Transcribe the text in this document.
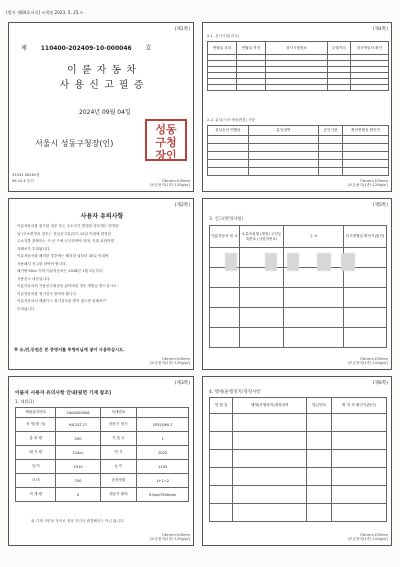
[별지 제64호서식] <개정 2023. 5. 25.>
(제1쪽)
제 110400-202409-10-000046 호
이 륜 자 동 차
사 용 신 고 필 증
2024년 09월 04일
서울시 성동구청장(인)
성동구청장인
33331-06261장
96.10.4 승인	74mm×105mm
(보존용지(1종) 120g/㎡)
(제4쪽)
2-1. 검사사항(검사)
연월일 부터	연월일 까지	검사시행장소	주행거리	검사책임자 확인

2-2. 튜닝(구조·장치변경) 사항
튜닝승인 연월일	튜닝내역	승인기관	확인연월일 확인자

74mm×105mm
(보존용지(1종) 120g/㎡)
(제2쪽)
사용자 유의사항
이륜자동차를 취득한 경우 또는 주소지가 변경된 경우에는 변경된
날 (주소변경의 경우는 전입신고일)부터 15일 이내에 변경된
주소지를 관할하는 시·군·구에 신고하여야 하며, 이를 위반하면
과태료가 부과됩니다.
이륜자동차를 폐지한 경우에는 폐지한 날부터 30일 이내에
사용폐지 신고를 하여야 합니다.
배기량 50cc 이하 이륜자동차는 2018년 1월 1일 부터
사용신고 대상입니다.
이륜자동차의 사용신고필증을 잃어버린 경우 재발급 받으십시오.
이륜자동차를 정기검사 받아야 합니다.
이륜자동차의 배출가스 정기검사를 받지 않으면 과태료가
부과됩니다.
※ 유,번,등원은 본 증명서를 투명비닐에 넣어 사용하십시오.
74mm×105mm
(보존용지(1종) 120g/㎡)
(제5쪽)
3. 신고(변경사항)
이륜자동차 번 호	소유자성명 (명칭) 주민등록번호 (사업자번호)	주 소	신고연월일 확인기관(인)

74mm×105mm
(보존용지(1종) 120g/㎡)
(제3쪽)
이륜자 사용자 유의사항 안내(뒷면 기재 참조)
1. 제원(1)
제원관리번호	240A500006	차대번호	
차 명(형 식)	HJ125T-27	원동기 형식	1P52QMI-7
총 중 량	250	기 통 수	1
배 기 량	124cc	연 식	2025
길 이	1910	높 이	1105
너 비	700	승차정원	1+1=2
적 재 량	0	원동기 출력	9.0ps/7500rpm
위 기재 사항을 자의로 정정 하거나 변경해서는 아니 됩니다.
74mm×105mm
(보존용지(1종) 120g/㎡)
(제6쪽)
4. 행세(운행정지)정정사항
연 월 일	행세(운행정지)정정내역	발급번호	확 인 자 확인기관(인)

74mm×105mm
(보존용지(1종) 120g/㎡)
